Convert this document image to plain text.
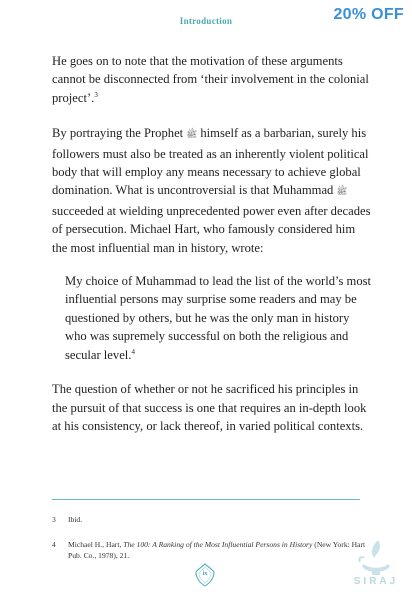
Introduction	20% OFF

He goes on to note that the motivation of these arguments cannot be disconnected from ‘their involvement in the colonial project’.$^3$

By portraying the Prophet ﷺ himself as a barbarian, surely his followers must also be treated as an inherently violent political body that will employ any means necessary to achieve global domination. What is uncontroversial is that Muhammad ﷺ succeeded at wielding unprecedented power even after decades of persecution. Michael Hart, who famously considered him the most influential man in history, wrote:

My choice of Muhammad to lead the list of the world’s most influential persons may surprise some readers and may be questioned by others, but he was the only man in history who was supremely successful on both the religious and secular level.$^4$

The question of whether or not he sacrificed his principles in the pursuit of that success is one that requires an in-depth look at his consistency, or lack thereof, in varied political contexts.

3 Ibid.
4 Michael H., Hart, The 100: A Ranking of the Most Influential Persons in History (New York: Hart Pub. Co., 1978), 21.
ix
SIRAJ
